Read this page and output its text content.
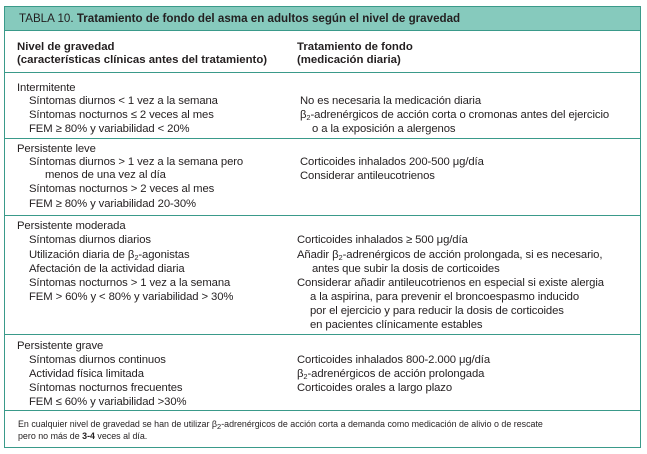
TABLA 10. Tratamiento de fondo del asma en adultos según el nivel de gravedad
Nivel de gravedad
(características clínicas antes del tratamiento)
Tratamiento de fondo
(medicación diaria)
Intermitente
Síntomas diurnos < 1 vez a la semana
Síntomas nocturnos ≤ 2 veces al mes
FEM ≥ 80% y variabilidad < 20%
No es necesaria la medicación diaria
$\beta_2$-adrenérgicos de acción corta o cromonas antes del ejercicio
o a la exposición a alergenos
Persistente leve
Síntomas diurnos > 1 vez a la semana pero
menos de una vez al día
Síntomas nocturnos > 2 veces al mes
FEM ≥ 80% y variabilidad 20-30%
Corticoides inhalados 200-500 μg/día
Considerar antileucotrienos
Persistente moderada
Síntomas diurnos diarios
Utilización diaria de $\beta_2$-agonistas
Afectación de la actividad diaria
Síntomas nocturnos > 1 vez a la semana
FEM > 60% y < 80% y variabilidad > 30%
Corticoides inhalados ≥ 500 μg/día
Añadir $\beta_2$-adrenérgicos de acción prolongada, si es necesario,
antes que subir la dosis de corticoides
Considerar añadir antileucotrienos en especial si existe alergia
a la aspirina, para prevenir el broncoespasmo inducido
por el ejercicio y para reducir la dosis de corticoides
en pacientes clínicamente estables
Persistente grave
Síntomas diurnos continuos
Actividad física limitada
Síntomas nocturnos frecuentes
FEM ≤ 60% y variabilidad >30%
Corticoides inhalados 800-2.000 μg/día
$\beta_2$-adrenérgicos de acción prolongada
Corticoides orales a largo plazo
En cualquier nivel de gravedad se han de utilizar $\beta_2$-adrenérgicos de acción corta a demanda como medicación de alivio o de rescate
pero no más de 3-4 veces al día.
